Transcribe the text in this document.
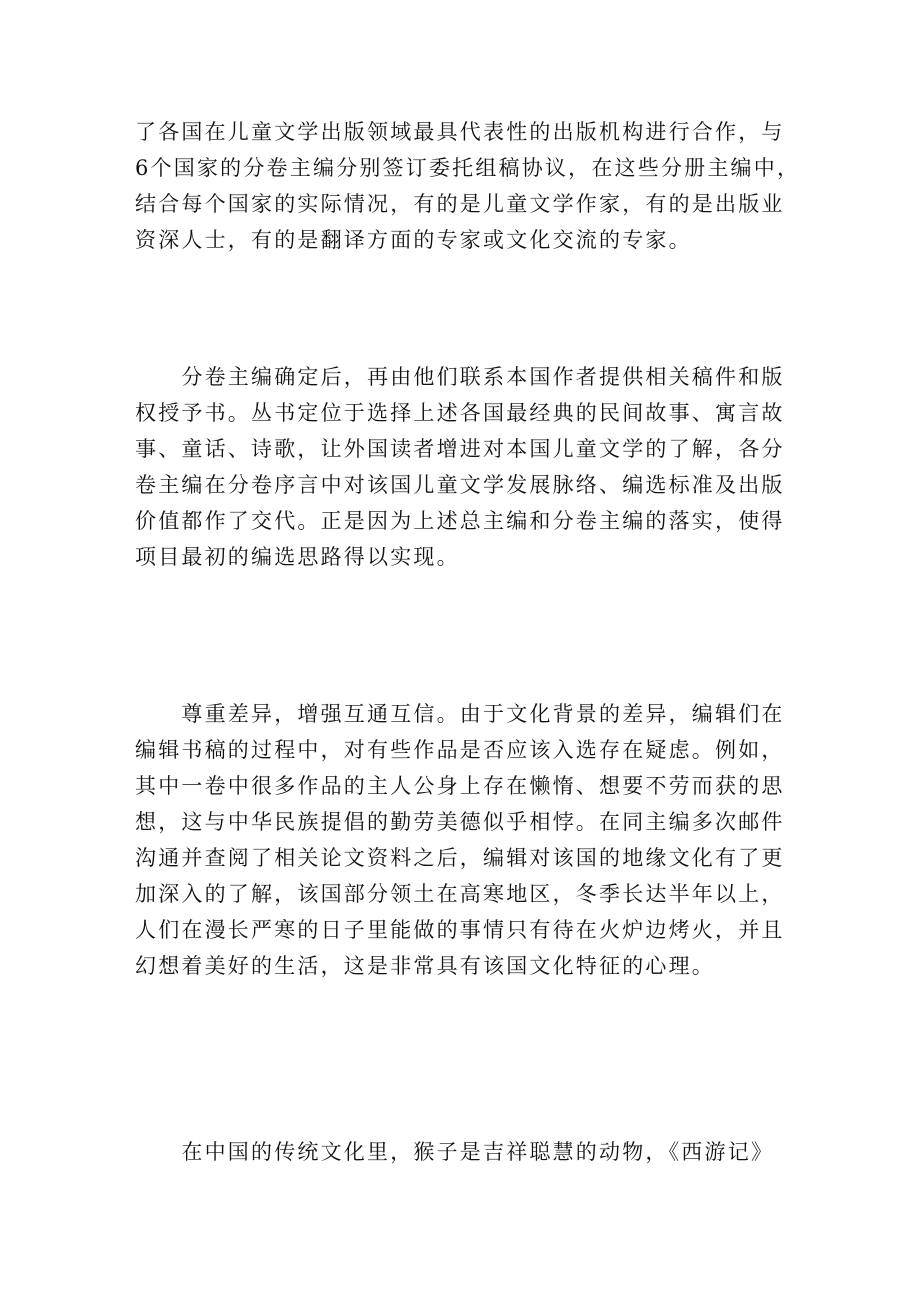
了各国在儿童文学出版领域最具代表性的出版机构进行合作，与
6个国家的分卷主编分别签订委托组稿协议，在这些分册主编中，
结合每个国家的实际情况，有的是儿童文学作家，有的是出版业
资深人士，有的是翻译方面的专家或文化交流的专家。

　　分卷主编确定后，再由他们联系本国作者提供相关稿件和版
权授予书。丛书定位于选择上述各国最经典的民间故事、寓言故
事、童话、诗歌，让外国读者增进对本国儿童文学的了解，各分
卷主编在分卷序言中对该国儿童文学发展脉络、编选标准及出版
价值都作了交代。正是因为上述总主编和分卷主编的落实，使得
项目最初的编选思路得以实现。

　　尊重差异，增强互通互信。由于文化背景的差异，编辑们在
编辑书稿的过程中，对有些作品是否应该入选存在疑虑。例如，
其中一卷中很多作品的主人公身上存在懒惰、想要不劳而获的思
想，这与中华民族提倡的勤劳美德似乎相悖。在同主编多次邮件
沟通并查阅了相关论文资料之后，编辑对该国的地缘文化有了更
加深入的了解，该国部分领土在高寒地区，冬季长达半年以上，
人们在漫长严寒的日子里能做的事情只有待在火炉边烤火，并且
幻想着美好的生活，这是非常具有该国文化特征的心理。

　　在中国的传统文化里，猴子是吉祥聪慧的动物，《西游记》
